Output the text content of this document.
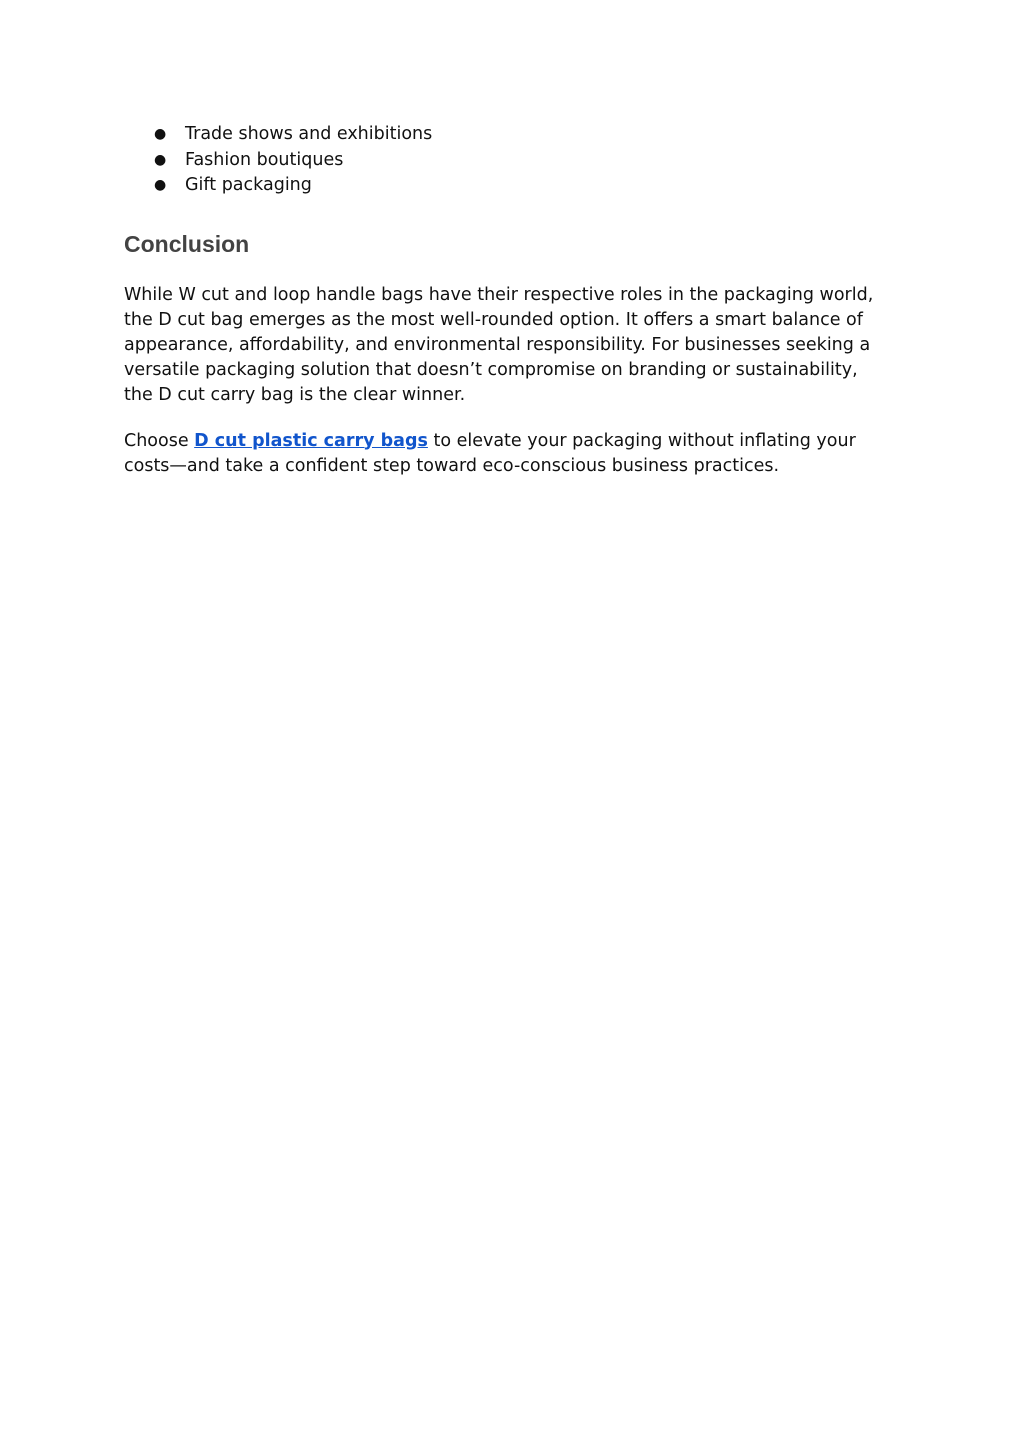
● Trade shows and exhibitions
● Fashion boutiques
● Gift packaging
Conclusion

While W cut and loop handle bags have their respective roles in the packaging world,
the D cut bag emerges as the most well-rounded option. It offers a smart balance of
appearance, affordability, and environmental responsibility. For businesses seeking a
versatile packaging solution that doesn’t compromise on branding or sustainability,
the D cut carry bag is the clear winner.

Choose D cut plastic carry bags to elevate your packaging without inflating your
costs—and take a confident step toward eco-conscious business practices.
